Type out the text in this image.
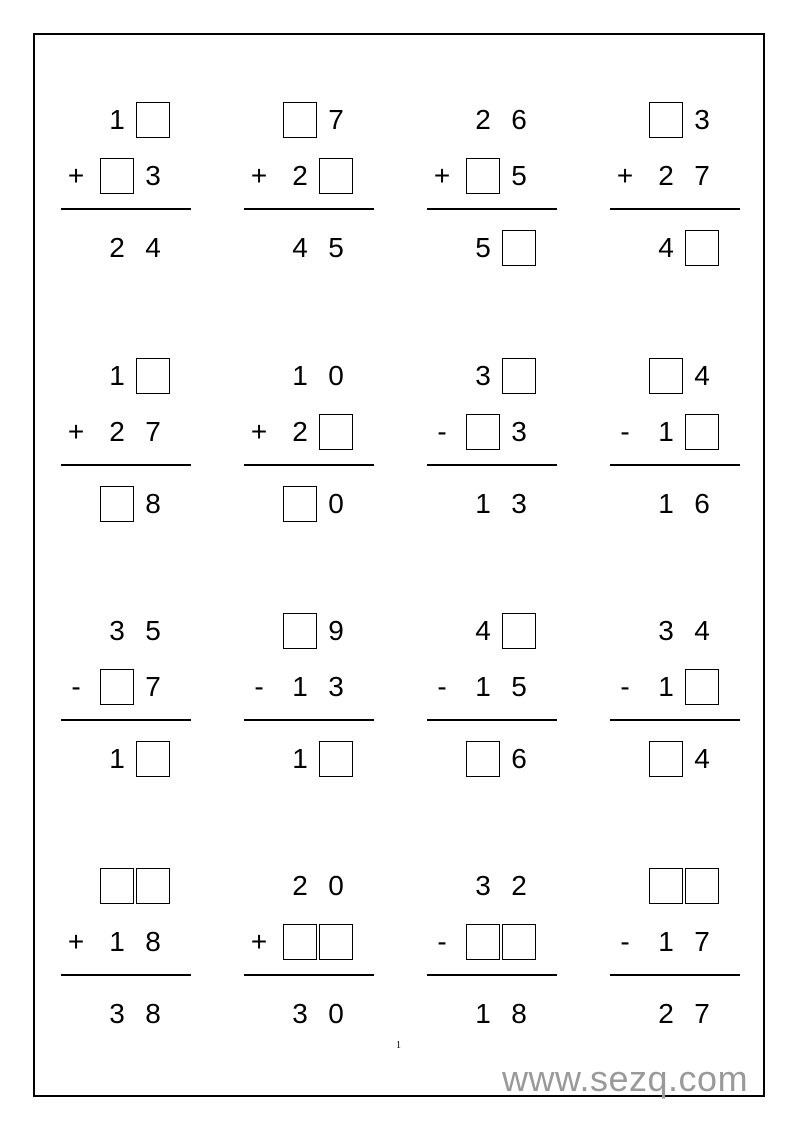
1
+	3
2 4
7
+ 2
4 5
2 6
+	5
5
3
+ 2 7
4
1
+ 2 7
8
1 0
+ 2
0
3
-	3
1 3
4
-	1
1 6
3 5
-	7
1
9
-	1 3
1
4
-	1 5
6
3 4
-	1
4
+ 1 8
3 8
2 0
+
3 0
3 2
-
1 8
-	1 7
2 7
1
www.sezq.com
